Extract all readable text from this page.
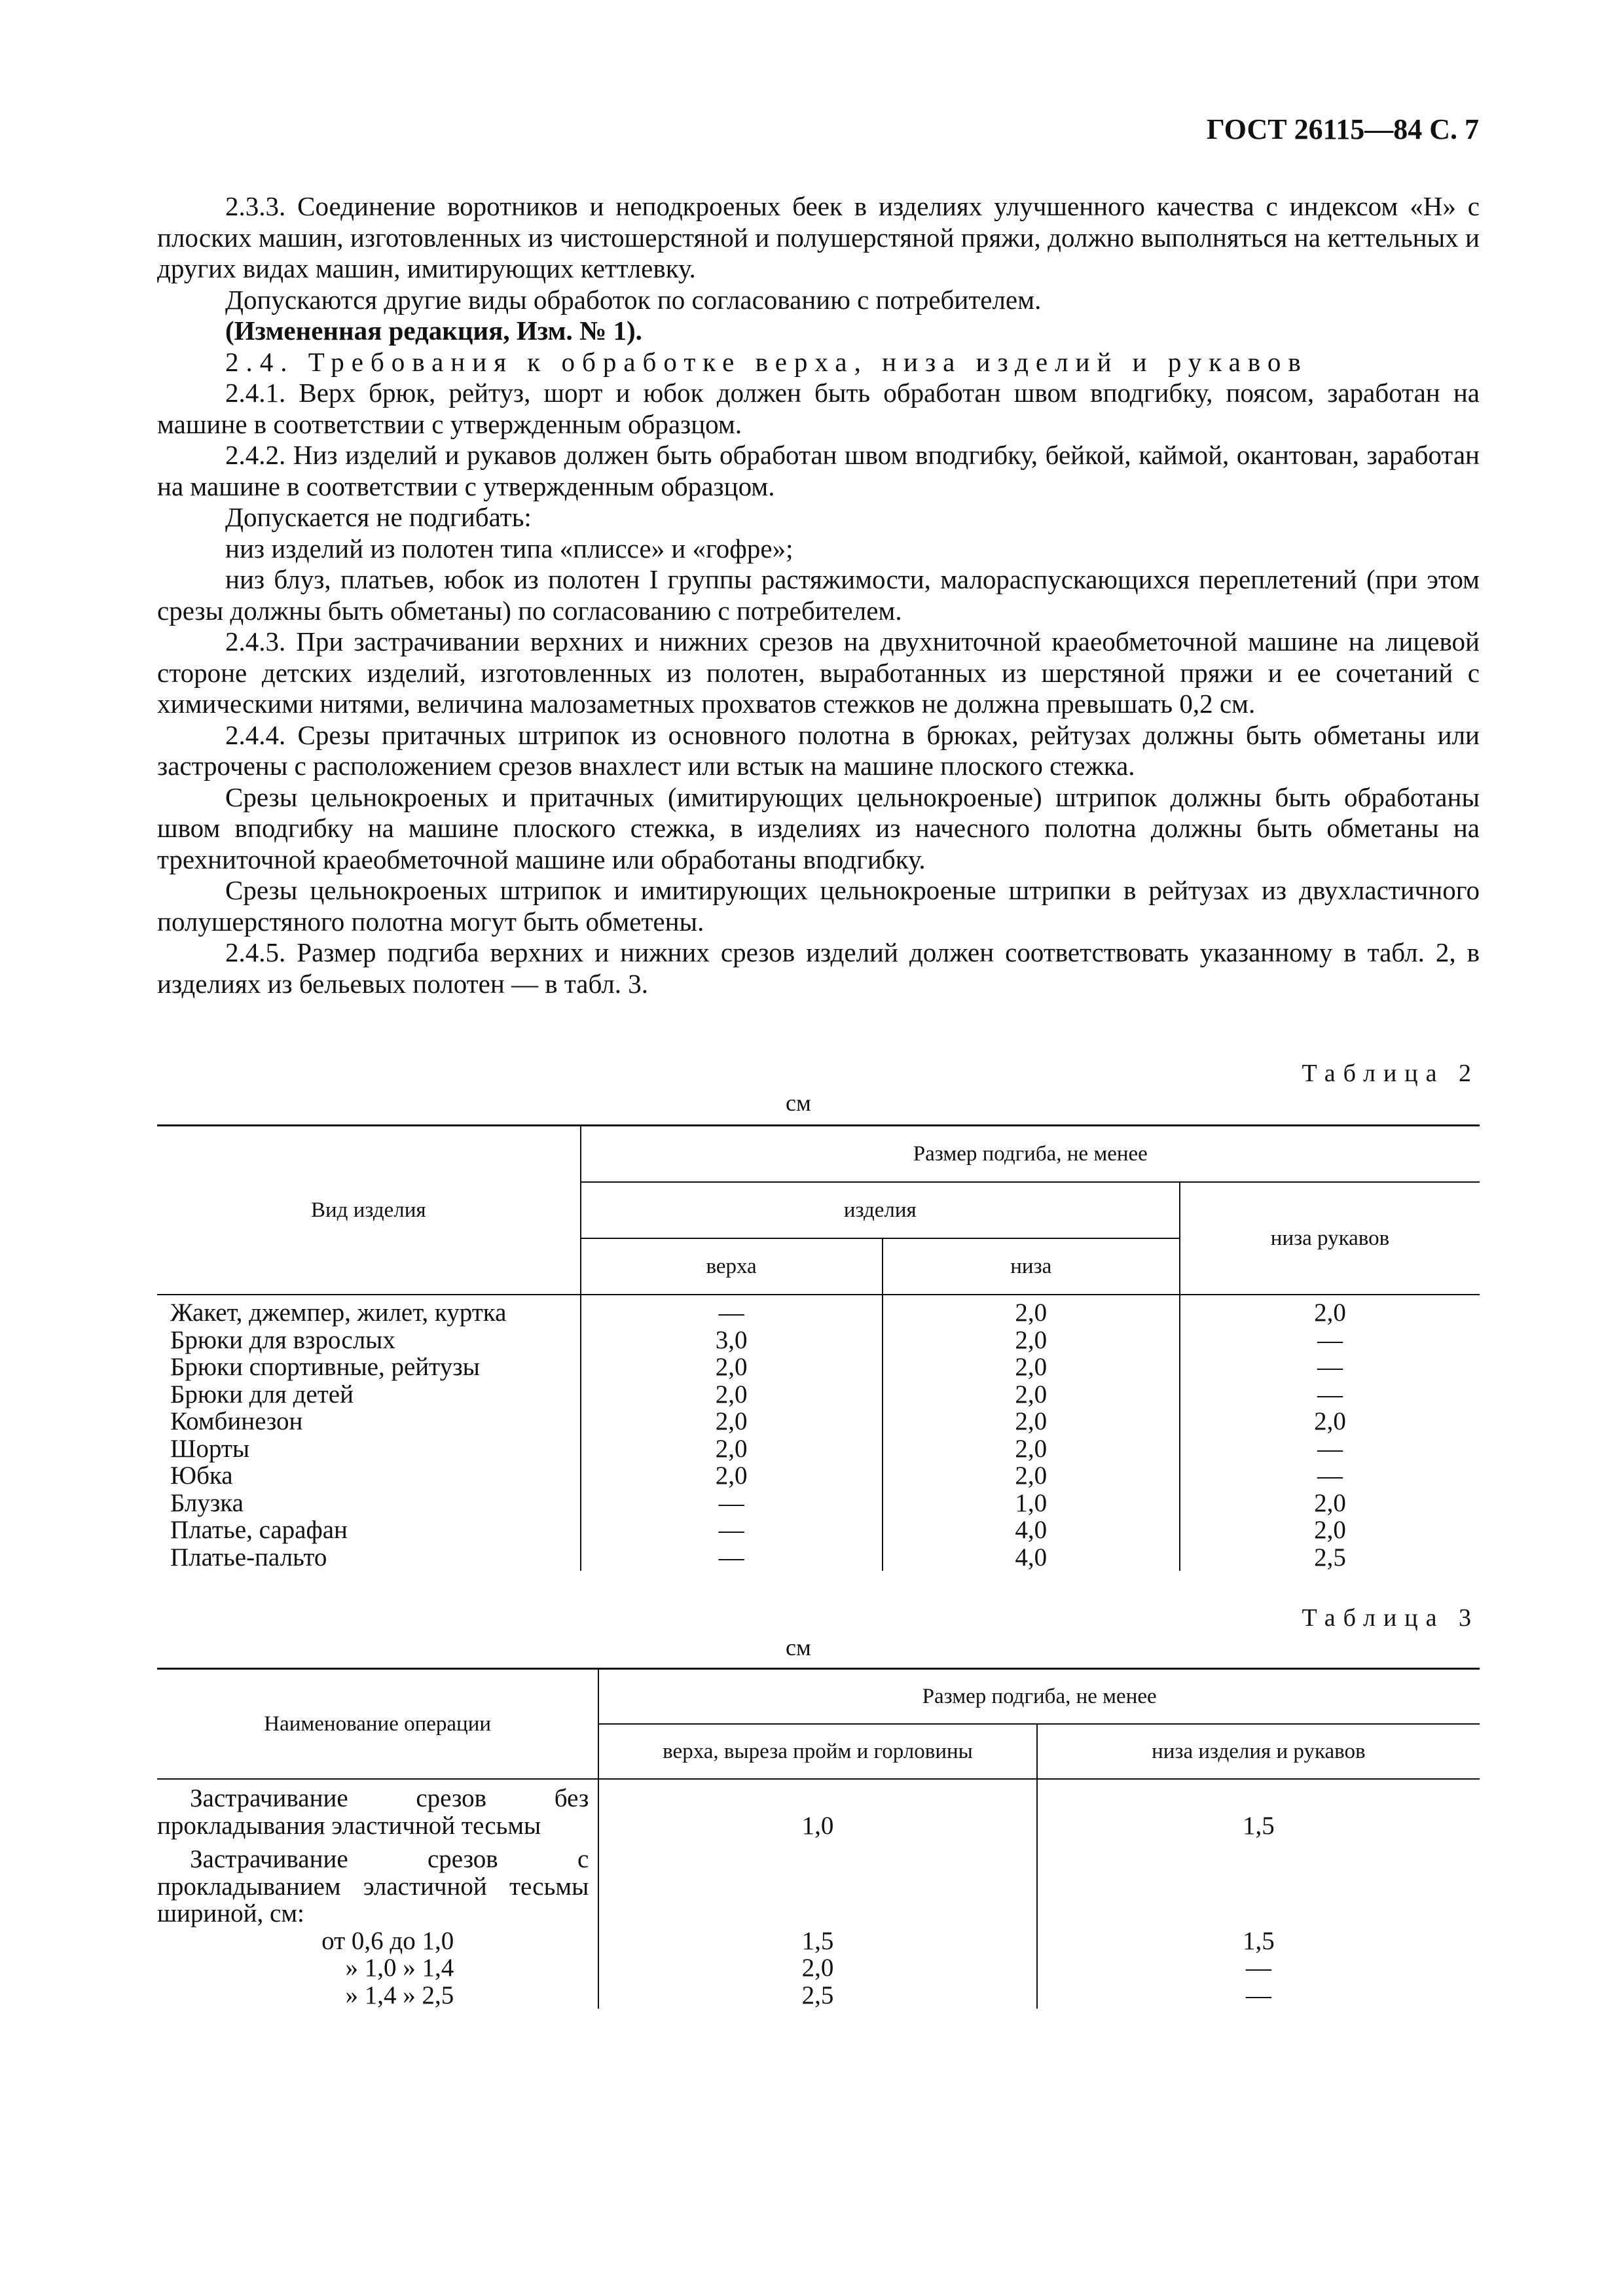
ГОСТ 26115—84 С. 7

2.3.3. Соединение воротников и неподкроеных беек в изделиях улучшенного качества с индексом «Н» с плоских машин, изготовленных из чистошерстяной и полушерстяной пряжи, должно выполняться на кеттельных и других видах машин, имитирующих кеттлевку.

Допускаются другие виды обработок по согласованию с потребителем.

(Измененная редакция, Изм. № 1).

2.4. Требования к обработке верха, низа изделий и рукавов

2.4.1. Верх брюк, рейтуз, шорт и юбок должен быть обработан швом вподгибку, поясом, заработан на машине в соответствии с утвержденным образцом.

2.4.2. Низ изделий и рукавов должен быть обработан швом вподгибку, бейкой, каймой, окантован, заработан на машине в соответствии с утвержденным образцом.

Допускается не подгибать:

низ изделий из полотен типа «плиссе» и «гофре»;

низ блуз, платьев, юбок из полотен I группы растяжимости, малораспускающихся переплетений (при этом срезы должны быть обметаны) по согласованию с потребителем.

2.4.3. При застрачивании верхних и нижних срезов на двухниточной краеобметочной машине на лицевой стороне детских изделий, изготовленных из полотен, выработанных из шерстяной пряжи и ее сочетаний с химическими нитями, величина малозаметных прохватов стежков не должна превышать 0,2 см.

2.4.4. Срезы притачных штрипок из основного полотна в брюках, рейтузах должны быть обметаны или застрочены с расположением срезов внахлест или встык на машине плоского стежка.

Срезы цельнокроеных и притачных (имитирующих цельнокроеные) штрипок должны быть обработаны швом вподгибку на машине плоского стежка, в изделиях из начесного полотна должны быть обметаны на трехниточной краеобметочной машине или обработаны вподгибку.

Срезы цельнокроеных штрипок и имитирующих цельнокроеные штрипки в рейтузах из двухластичного полушерстяного полотна могут быть обметены.

2.4.5. Размер подгиба верхних и нижних срезов изделий должен соответствовать указанному в табл. 2, в изделиях из бельевых полотен — в табл. 3.

Таблица 2
см
Вид изделия	Размер подгиба, не менее		
	изделия		низа рукавов
	верха	низа	
Жакет, джемпер, жилет, куртка	—	2,0	2,0
Брюки для взрослых	3,0	2,0	—
Брюки спортивные, рейтузы	2,0	2,0	—
Брюки для детей	2,0	2,0	—
Комбинезон	2,0	2,0	2,0
Шорты	2,0	2,0	—
Юбка	2,0	2,0	—
Блузка	—	1,0	2,0
Платье, сарафан	—	4,0	2,0
Платье-пальто	—	4,0	2,5
Таблица 3
см
Наименование операции	Размер подгиба, не менее	
	верха, выреза пройм и горловины	низа изделия и рукавов
Застрачивание срезов без прокладывания эластичной тесьмы	1,0	1,5
Застрачивание срезов с прокладыванием эластичной тесьмы шириной, см:		
от 0,6 до 1,0	1,5	1,5
» 1,0 » 1,4	2,0	—
» 1,4 » 2,5	2,5	—
